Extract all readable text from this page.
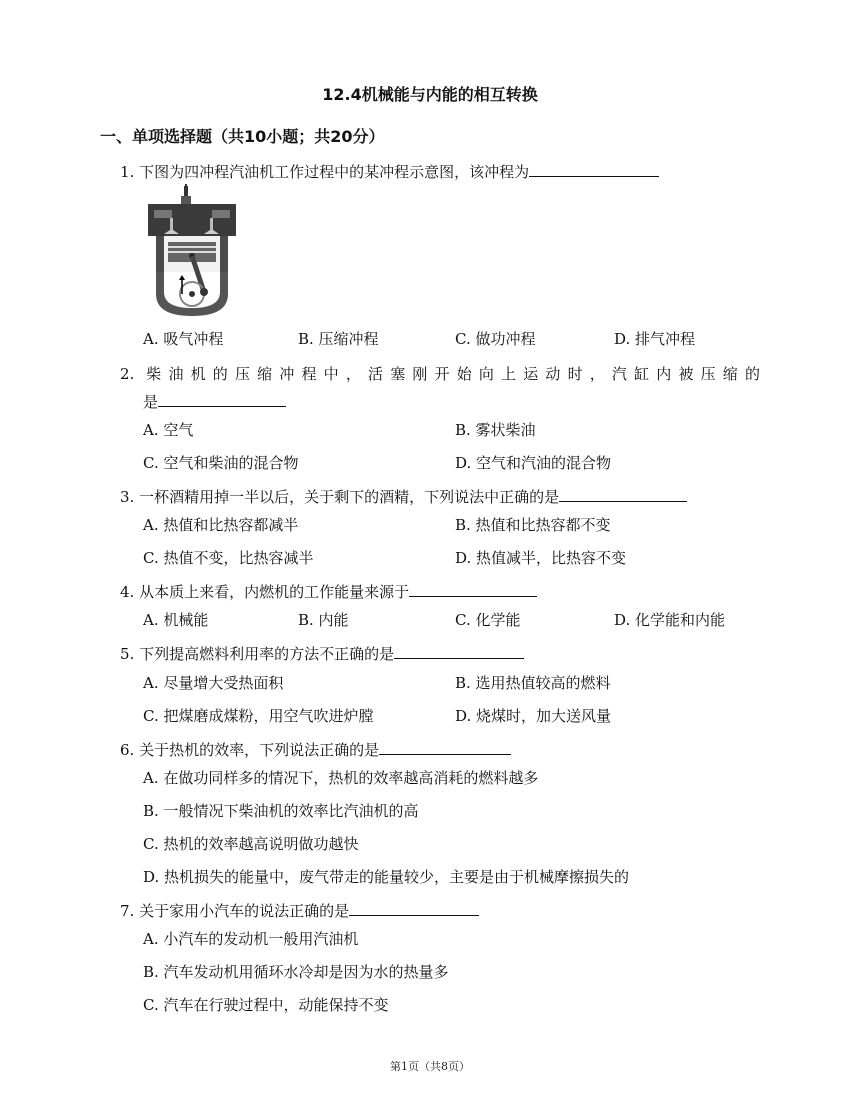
12.4机械能与内能的相互转换
一、单项选择题（共10小题；共20分）
1. 下图为四冲程汽油机工作过程中的某冲程示意图，该冲程为
A. 吸气冲程	B. 压缩冲程	C. 做功冲程	D. 排气冲程
2. 柴油机的压缩冲程中，活塞刚开始向上运动时，汽缸内被压缩的
是
A. 空气	B. 雾状柴油
C. 空气和柴油的混合物	D. 空气和汽油的混合物
3. 一杯酒精用掉一半以后，关于剩下的酒精，下列说法中正确的是
A. 热值和比热容都减半	B. 热值和比热容都不变
C. 热值不变，比热容减半	D. 热值减半，比热容不变
4. 从本质上来看，内燃机的工作能量来源于
A. 机械能	B. 内能	C. 化学能	D. 化学能和内能
5. 下列提高燃料利用率的方法不正确的是
A. 尽量增大受热面积	B. 选用热值较高的燃料
C. 把煤磨成煤粉，用空气吹进炉膛	D. 烧煤时，加大送风量
6. 关于热机的效率，下列说法正确的是
A. 在做功同样多的情况下，热机的效率越高消耗的燃料越多
B. 一般情况下柴油机的效率比汽油机的高
C. 热机的效率越高说明做功越快
D. 热机损失的能量中，废气带走的能量较少，主要是由于机械摩擦损失的
7. 关于家用小汽车的说法正确的是
A. 小汽车的发动机一般用汽油机
B. 汽车发动机用循环水冷却是因为水的热量多
C. 汽车在行驶过程中，动能保持不变
第1页（共8页）
